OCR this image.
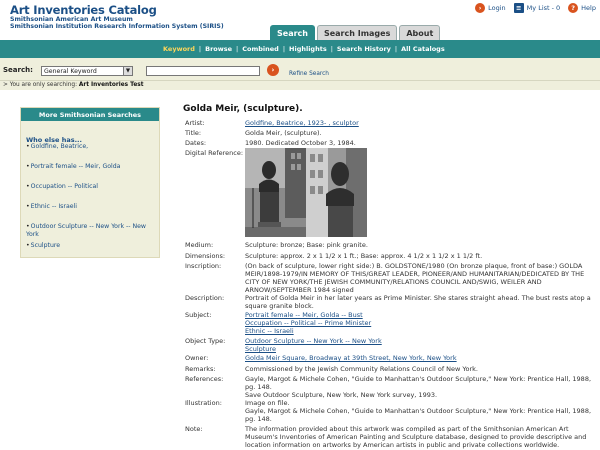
Art Inventories Catalog
Smithsonian American Art Museum
Smithsonian Institution Research Information System (SIRIS)
›	Login	≡ My List - 0	? Help
Search	Search Images	About
Keyword | Browse | Combined | Highlights | Search History | All Catalogs
Search:	General Keyword	▼	›	Refine Search
> You are only searching: Art Inventories Test
More Smithsonian Searches
Who else has...
• Goldfine, Beatrice,
• Portrait female -- Meir, Golda
• Occupation -- Political
• Ethnic -- Israeli
• Outdoor Sculpture -- New York -- New York
• Sculpture
Golda Meir, (sculpture).
Artist:	Goldfine, Beatrice, 1923- , sculptor
Title:	Golda Meir, (sculpture).
Dates:	1980. Dedicated October 3, 1984.
Digital Reference:
Medium:	Sculpture: bronze; Base: pink granite.
Dimensions:	Sculpture: approx. 2 x 1 1/2 x 1 ft.; Base: approx. 4 1/2 x 1 1/2 x 1 1/2 ft.
Inscription:	(On back of sculpture, lower right side:) B. GOLDSTONE/1980 (On bronze plaque, front of base:) GOLDA MEIR/1898-1979/IN MEMORY OF THIS/GREAT LEADER, PIONEER/AND HUMANITARIAN/DEDICATED BY THE CITY OF NEW YORK/THE JEWISH COMMUNITY/RELATIONS COUNCIL AND/SWIG, WEILER AND ARNOW/SEPTEMBER 1984 signed
Description:	Portrait of Golda Meir in her later years as Prime Minister. She stares straight ahead. The bust rests atop a square granite block.
Subject:	Portrait female -- Meir, Golda -- Bust
Occupation -- Political -- Prime Minister
Ethnic -- Israeli
Object Type:	Outdoor Sculpture -- New York -- New York
Sculpture
Owner:	Golda Meir Square, Broadway at 39th Street, New York, New York
Remarks:	Commissioned by the Jewish Community Relations Council of New York.
References:	Gayle, Margot & Michele Cohen, "Guide to Manhattan's Outdoor Sculpture," New York: Prentice Hall, 1988, pg. 148.
Save Outdoor Sculpture, New York, New York survey, 1993.
Illustration:	Image on file.
Gayle, Margot & Michele Cohen, "Guide to Manhattan's Outdoor Sculpture," New York: Prentice Hall, 1988, pg. 148.
Note:	The information provided about this artwork was compiled as part of the Smithsonian American Art Museum's Inventories of American Painting and Sculpture database, designed to provide descriptive and location information on artworks by American artists in public and private collections worldwide.
